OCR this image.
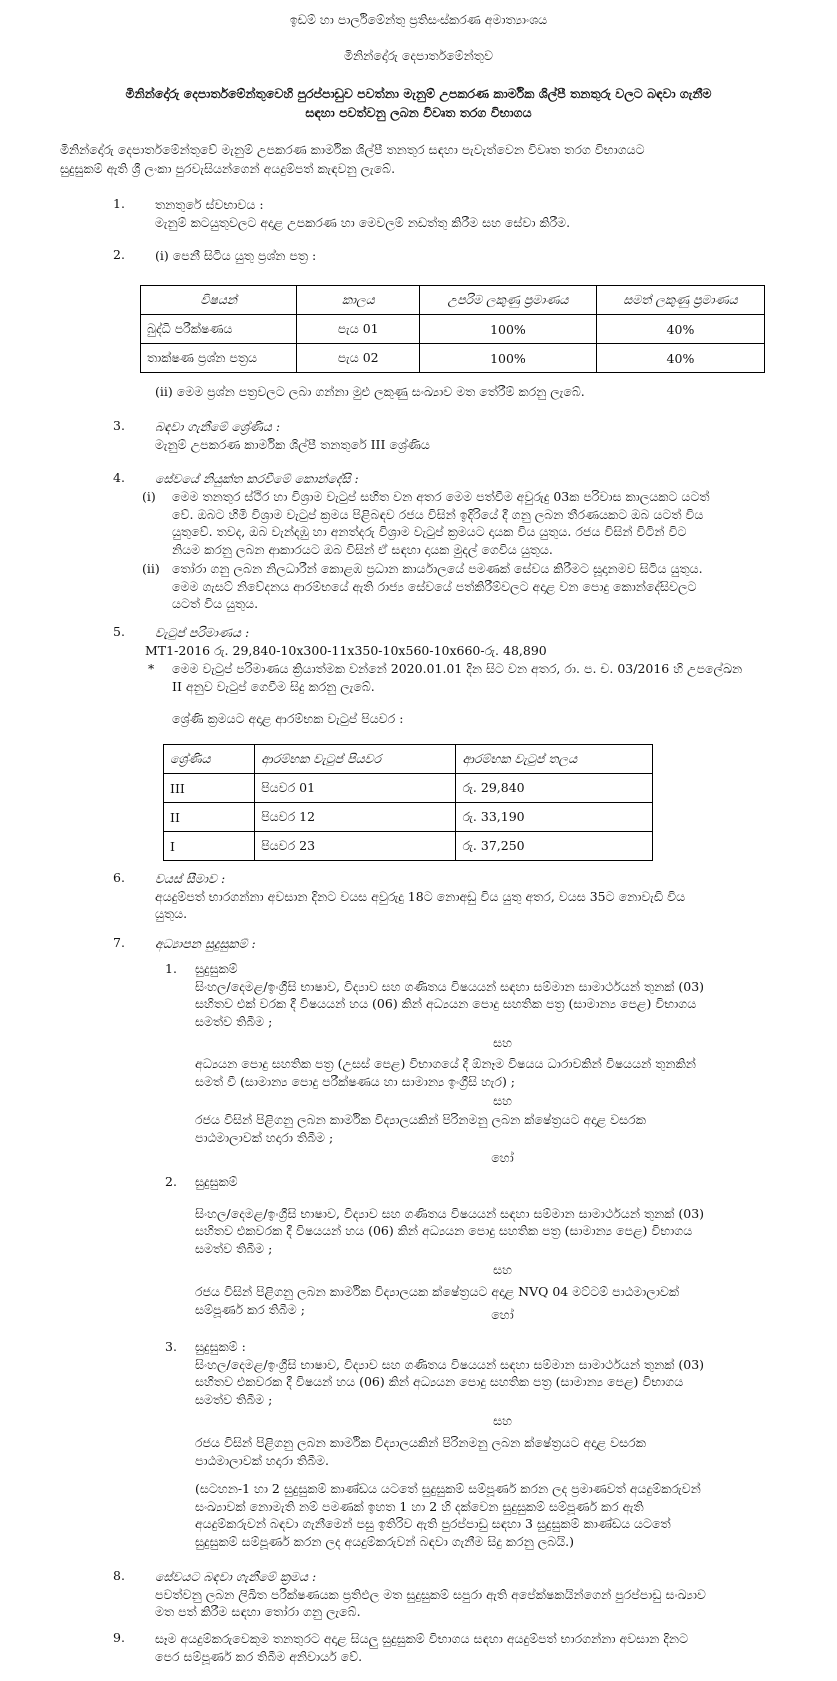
ඉඩම් හා පාර්ලිමේන්තු ප්‍රතිසංස්කරණ අමාත්‍යාංශය
මිනින්දෝරු දෙපාර්තමේන්තුව
මිනින්දෝරු දෙපාර්තමේන්තුවෙහි පුරප්පාඩුව පවත්නා මැනුම් උපකරණ කාර්මික ශිල්පී තනතුරු වලට බඳවා ගැනීම
සඳහා පවත්වනු ලබන විවෘත තරග විභාගය
මිනින්දෝරු දෙපාර්තමේන්තුවේ මැනුම් උපකරණ කාර්මික ශිල්පී තනතුර සඳහා පැවැත්වෙන විවෘත තරග විභාගයට
සුදුසුකම් ඇති ශ්‍රී ලංකා පුරවැසියන්ගෙන් අයදුම්පත් කැඳවනු ලැබේ.
1.	තනතුරේ ස්වභාවය :
මැනුම් කටයුතුවලට අදාළ උපකරණ හා මෙවලම් නඩත්තු කිරීම සහ සේවා කිරීම.
2.	(i) පෙනී සිටිය යුතු ප්‍රශ්න පත්‍ර :
විෂයන්	කාලය	උපරිම ලකුණු ප්‍රමාණය	සමත් ලකුණු ප්‍රමාණය
බුද්ධි පරීක්ෂණය	පැය 01	100%	40%
තාක්ෂණ ප්‍රශ්න පත්‍රය	පැය 02	100%	40%
(ii) මෙම ප්‍රශ්න පත්‍රවලට ලබා ගන්නා මුළු ලකුණු සංඛ්‍යාව මත තේරීම් කරනු ලැබේ.
3.	බඳවා ගැනීමේ ශ්‍රේණිය :
මැනුම් උපකරණ කාර්මික ශිල්පී තනතුරේ III ශ්‍රේණිය
4.	සේවයේ නියුක්ත කරවීමේ කොන්දේසි :
(i) මෙම තනතුර ස්ථිර හා විශ්‍රාම වැටුප් සහිත වන අතර මෙම පත්වීම අවුරුදු 03ක පරිවාස කාලයකට යටත්
වේ. ඔබට හිමි විශ්‍රාම වැටුප් ක්‍රමය පිළිබඳව රජය විසින් ඉදිරියේ දී ගනු ලබන තීරණයකට ඔබ යටත් විය
යුතුවේ. තවද, ඔබ වැන්දඹු හා අනත්දරු විශ්‍රාම වැටුප් ක්‍රමයට දායක විය යුතුය. රජය විසින් විටින් විට
නියම කරනු ලබන ආකාරයට ඔබ විසින් ඒ සඳහා දායක මුදල් ගෙවිය යුතුය.
(ii) තෝරා ගනු ලබන නිලධාරීන් කොළඹ ප්‍රධාන කාර්යාලයේ පමණක් සේවය කිරීමට සූදානමව සිටිය යුතුය.
මෙම ගැසට් නිවේදනය ආරම්භයේ ඇති රාජ්‍ය සේවයේ පත්කිරීම්වලට අදාළ වන පොදු කොන්දේසිවලට
යටත් විය යුතුය.
5.	වැටුප් පරිමාණය :
MT1-2016 රු. 29,840-10x300-11x350-10x560-10x660-රු. 48,890
* මෙම වැටුප් පරිමාණය ක්‍රියාත්මක වන්නේ 2020.01.01 දින සිට වන අතර, රා. ප. ච. 03/2016 හි උපලේඛන
II අනුව වැටුප් ගෙවීම සිදු කරනු ලැබේ.
ශ්‍රේණි ක්‍රමයට අදාළ ආරම්භක වැටුප් පියවර :
ශ්‍රේණිය	ආරම්භක වැටුප් පියවර	ආරම්භක වැටුප් තලය
III	පියවර 01	රු. 29,840
II	පියවර 12	රු. 33,190
I	පියවර 23	රු. 37,250
6.	වයස් සීමාව :
අයදුම්පත් භාරගන්නා අවසාන දිනට වයස අවුරුදු 18ට නොඅඩු විය යුතු අතර, වයස 35ට නොවැඩි විය
යුතුය.
7.	අධ්‍යාපන සුදුසුකම් :
1. සුදුසුකම්
සිංහල/දෙමළ/ඉංග්‍රීසි භාෂාව, විද්‍යාව සහ ගණිතය විෂයයන් සඳහා සම්මාන සාමාර්ථයන් තුනක් (03)
සහිතව එක් වරක දී විෂයයන් හය (06) කින් අධ්‍යයන පොදු සහතික පත්‍ර (සාමාන්‍ය පෙළ) විභාගය
සමත්ව තිබීම ;
සහ
අධ්‍යයන පොදු සහතික පත්‍ර (උසස් පෙළ) විභාගයේ දී ඕනෑම විෂයය ධාරාවකින් විෂයයන් තුනකින්
සමත් වී (සාමාන්‍ය පොදු පරීක්ෂණය හා සාමාන්‍ය ඉංග්‍රීසි හැර) ;
සහ
රජය විසින් පිළිගනු ලබන කාර්මික විද්‍යාලයකින් පිරිනමනු ලබන ක්ෂේත්‍රයට අදාළ වසරක
පාඨමාලාවක් හදාරා තිබීම ;
හෝ
2. සුදුසුකම්
සිංහල/දෙමළ/ඉංග්‍රීසි භාෂාව, විද්‍යාව සහ ගණිතය විෂයයන් සඳහා සම්මාන සාමාර්ථයන් තුනක් (03)
සහිතව එකවරක දී විෂයයන් හය (06) කින් අධ්‍යයන පොදු සහතික පත්‍ර (සාමාන්‍ය පෙළ) විභාගය
සමත්ව තිබීම ;
සහ
රජය විසින් පිළිගනු ලබන කාර්මික විද්‍යාලයක ක්ෂේත්‍රයට අදාළ NVQ 04 මට්ටම් පාඨමාලාවක්
සම්පූර්ණ කර තිබීම ;	හෝ
3. සුදුසුකම් :
සිංහල/දෙමළ/ඉංග්‍රීසි භාෂාව, විද්‍යාව සහ ගණිතය විෂයයන් සඳහා සම්මාන සාමාර්ථයන් තුනක් (03)
සහිතව එකවරක දී විෂයන් හය (06) කින් අධ්‍යයන පොදු සහතික පත්‍ර (සාමාන්‍ය පෙළ) විභාගය
සමත්ව තිබීම ;
සහ
රජය විසින් පිළිගනු ලබන කාර්මික විද්‍යාලයකින් පිරිනමනු ලබන ක්ෂේත්‍රයට අදාළ වසරක
පාඨමාලාවක් හදාරා තිබීම.
(සටහන-1 හා 2 සුදුසුකම් කාණ්ඩය යටතේ සුදුසුකම් සම්පූර්ණ කරන ලද ප්‍රමාණවත් අයදුම්කරුවන්
සංඛ්‍යාවක් නොමැති නම් පමණක් ඉහත 1 හා 2 හි දක්වෙන සුදුසුකම් සම්පූර්ණ කර ඇති
අයදුම්කරුවන් බඳවා ගැනීමෙන් පසු ඉතිරිව ඇති පුරප්පාඩු සඳහා 3 සුදුසුකම් කාණ්ඩය යටතේ
සුදුසුකම් සම්පූර්ණ කරන ලද අයදුම්කරුවන් බඳවා ගැනීම සිදු කරනු ලබයි.)
8.	සේවයට බඳවා ගැනීමේ ක්‍රමය :
පවත්වනු ලබන ලිඛිත පරීක්ෂණයක ප්‍රතිඵල මත සුදුසුකම් සපුරා ඇති අපේක්ෂකයින්ගෙන් පුරප්පාඩු සංඛ්‍යාව
මත පත් කිරීම සඳහා තෝරා ගනු ලැබේ.
9.	සෑම අයදුම්කරුවෙකුම තනතුරට අදාළ සියලු සුදුසුකම් විභාගය සඳහා අයදුම්පත් භාරගන්නා අවසාන දිනට
පෙර සම්පූර්ණ කර තිබීම අනිවාර්ය වේ.
